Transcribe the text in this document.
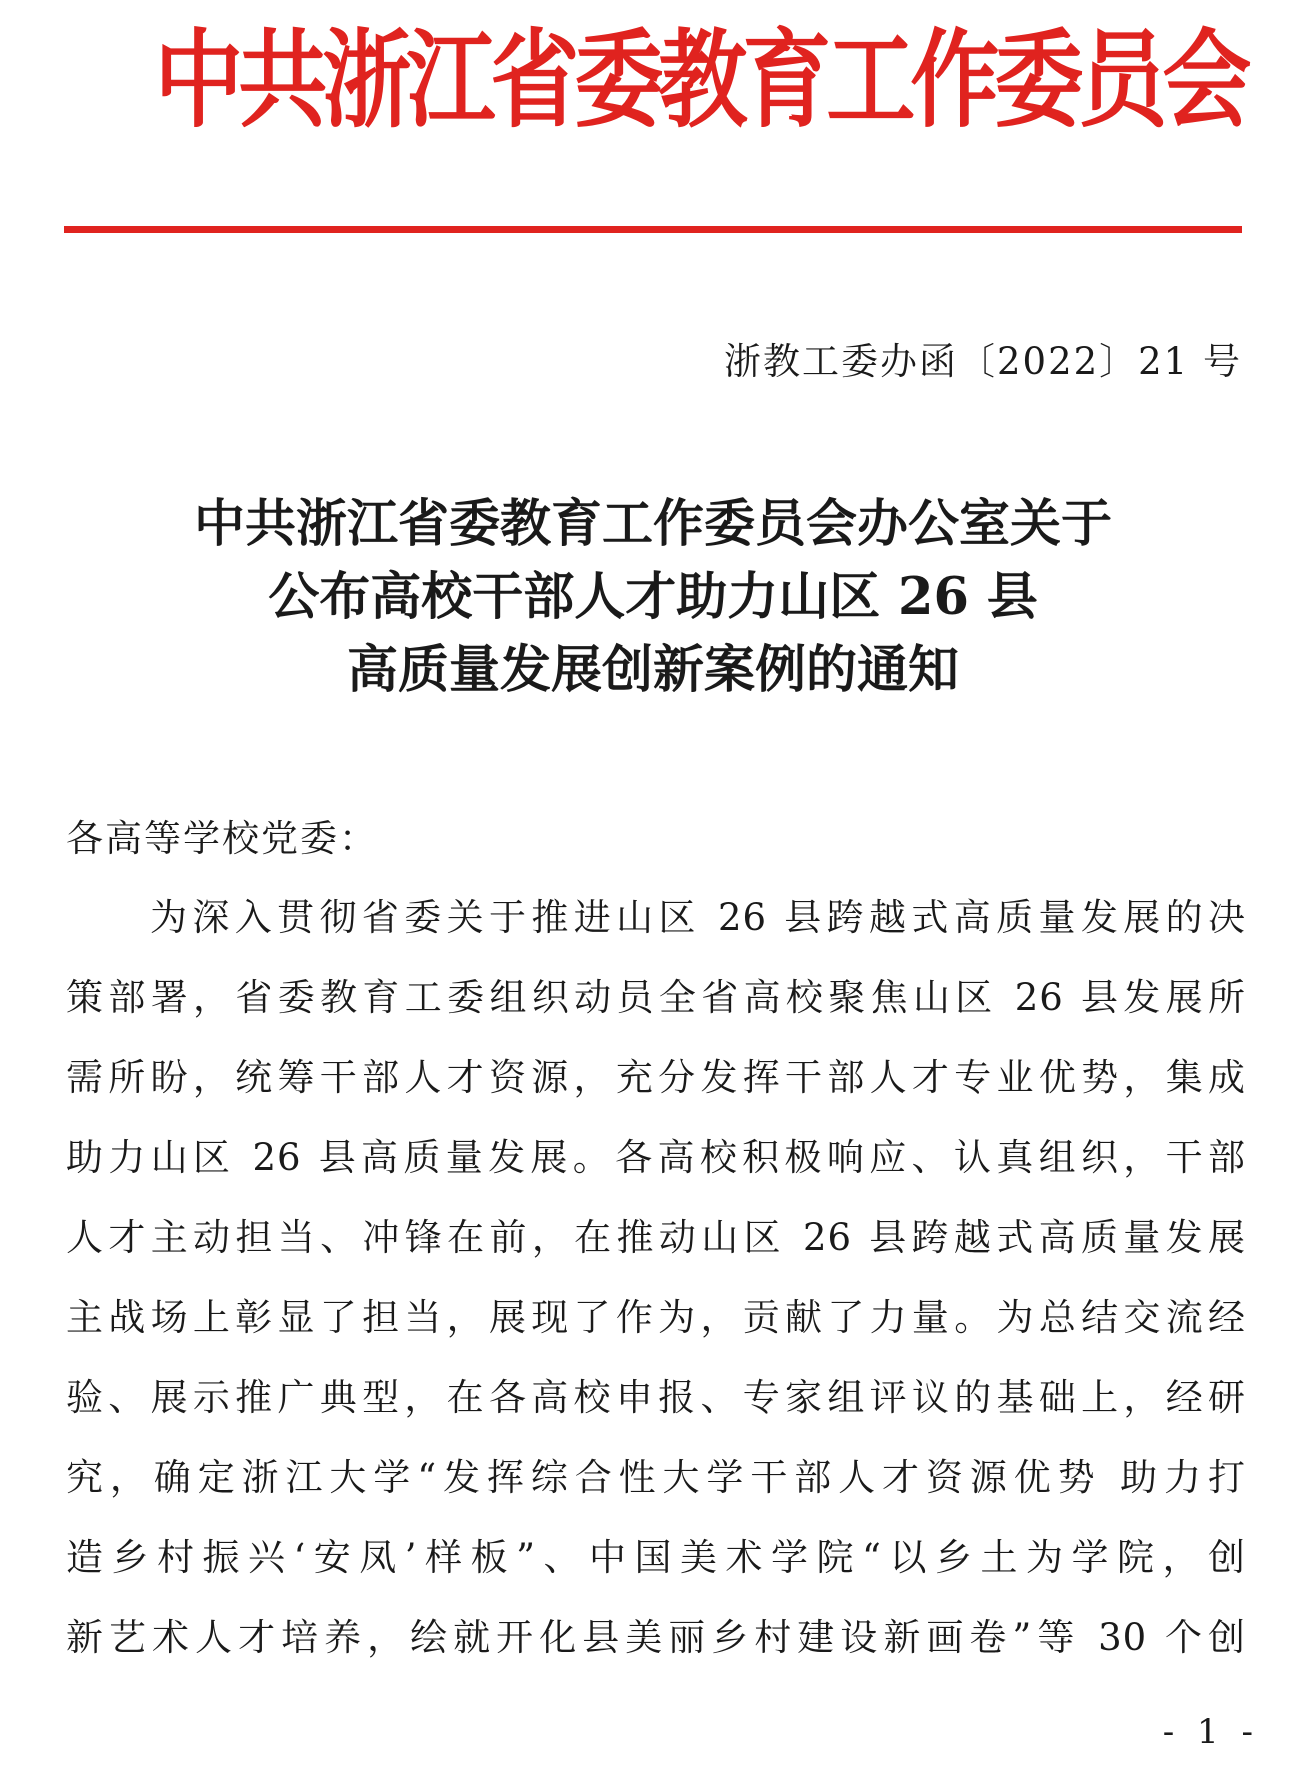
中共浙江省委教育工作委员会
浙教工委办函〔2022〕21 号
中共浙江省委教育工作委员会办公室关于
公布高校干部人才助力山区 26 县
高质量发展创新案例的通知
各高等学校党委：
为深入贯彻省委关于推进山区 26 县跨越式高质量发展的决
策部署，省委教育工委组织动员全省高校聚焦山区 26 县发展所
需所盼，统筹干部人才资源，充分发挥干部人才专业优势，集成
助力山区 26 县高质量发展。各高校积极响应、认真组织，干部
人才主动担当、冲锋在前，在推动山区 26 县跨越式高质量发展
主战场上彰显了担当，展现了作为，贡献了力量。为总结交流经
验、展示推广典型，在各高校申报、专家组评议的基础上，经研
究，确定浙江大学“发挥综合性大学干部人才资源优势 助力打
造乡村振兴‘安凤’样板”、中国美术学院“以乡土为学院，创
新艺术人才培养，绘就开化县美丽乡村建设新画卷”等 30 个创
- 1 -
